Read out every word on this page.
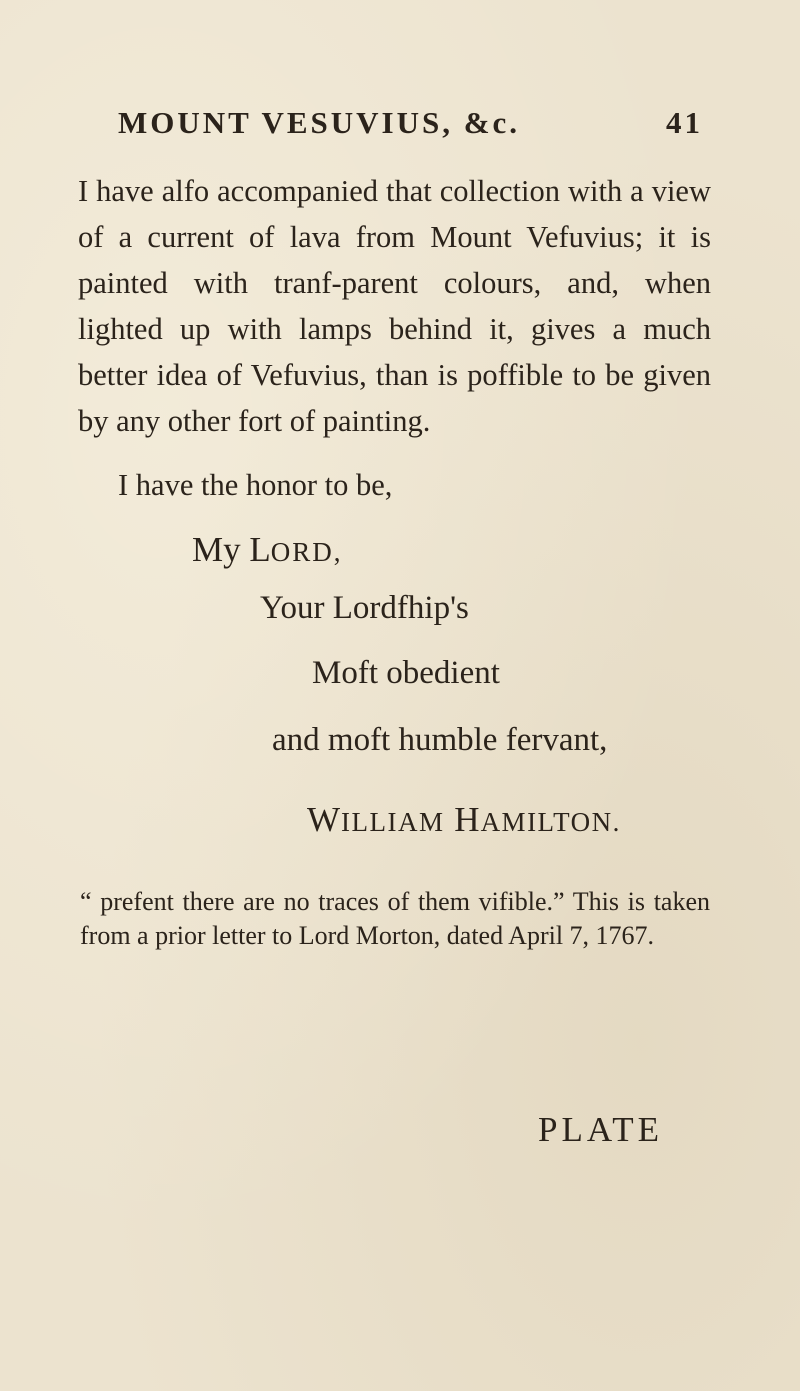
MOUNT VESUVIUS, &c.	41

I have alfo accompanied that collection with a view of a current of lava from Mount Vefuvius; it is painted with tranf-parent colours, and, when lighted up with lamps behind it, gives a much better idea of Vefuvius, than is poffible to be given by any other fort of painting.

I have the honor to be,
My LORD,
Your Lordfhip's
Moft obedient
and moft humble fervant,
WILLIAM HAMILTON.

“ prefent there are no traces of them vifible.” This is taken from a prior letter to Lord Morton, dated April 7, 1767.

PLATE
